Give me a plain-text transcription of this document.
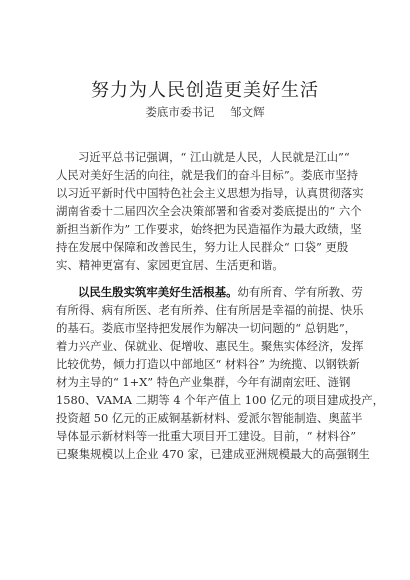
努力为人民创造更美好生活
娄底市委书记 邹文辉
习近平总书记强调，“ 江山就是人民，人民就是江山”“
人民对美好生活的向往，就是我们的奋斗目标”。娄底市坚持
以习近平新时代中国特色社会主义思想为指导，认真贯彻落实
湖南省委十二届四次全会决策部署和省委对娄底提出的“ 六个
新担当新作为” 工作要求，始终把为民造福作为最大政绩，坚
持在发展中保障和改善民生，努力让人民群众“ 口袋” 更殷
实、精神更富有、家园更宜居、生活更和谐。
以民生殷实筑牢美好生活根基。幼有所育、学有所教、劳
有所得、病有所医、老有所养、住有所居是幸福的前提、快乐
的基石。娄底市坚持把发展作为解决一切问题的“ 总钥匙”，
着力兴产业、保就业、促增收、惠民生。聚焦实体经济，发挥
比较优势，倾力打造以中部地区“ 材料谷” 为统揽、以钢铁新
材为主导的“ 1+X” 特色产业集群，今年有湖南宏旺、涟钢
1580、VAMA 二期等 4 个年产值上 100 亿元的项目建成投产，
投资超 50 亿元的正威铜基新材料、爱派尔智能制造、奥蓝半
导体显示新材料等一批重大项目开工建设。目前，“ 材料谷”
已聚集规模以上企业 470 家，已建成亚洲规模最大的高强钢生
